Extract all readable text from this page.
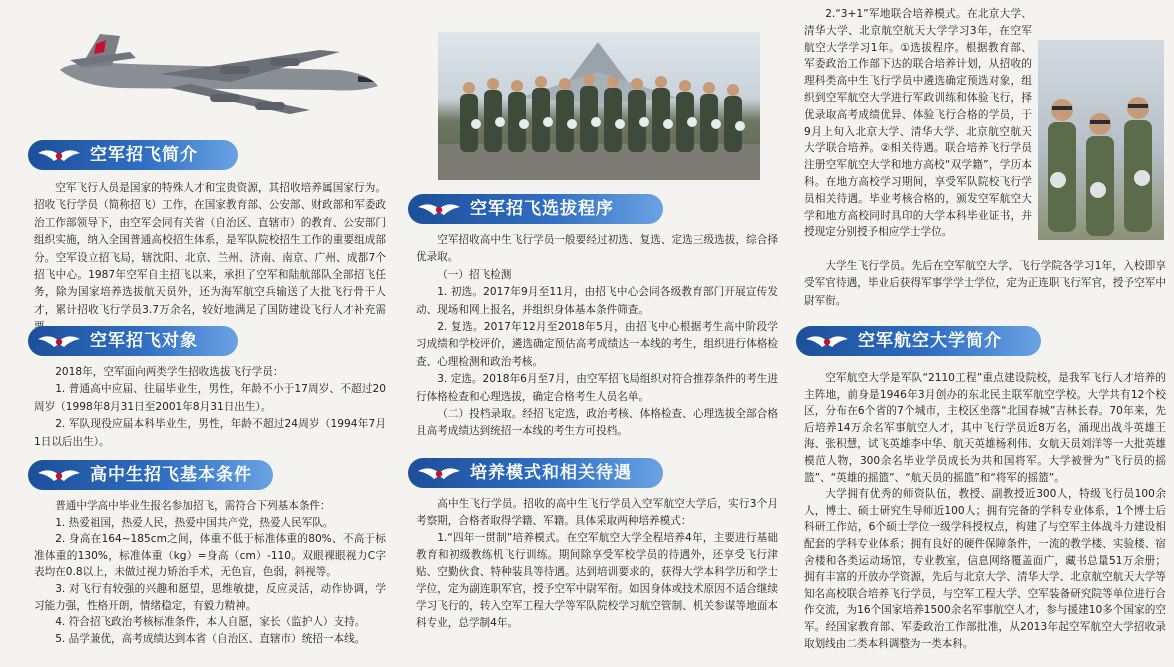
空军招飞简介

空军飞行人员是国家的特殊人才和宝贵资源，其招收培养属国家行为。招收飞行学员（简称招飞）工作，在国家教育部、公安部、财政部和军委政治工作部领导下，由空军会同有关省（自治区、直辖市）的教育、公安部门组织实施，纳入全国普通高校招生体系，是军队院校招生工作的重要组成部分。空军设立招飞局，辖沈阳、北京、兰州、济南、南京、广州、成都7个招飞中心。1987年空军自主招飞以来，承担了空军和陆航部队全部招飞任务，除为国家培养选拔航天员外，还为海军航空兵输送了大批飞行骨干人才，累计招收飞行学员3.7万余名，较好地满足了国防建设飞行人才补充需

空军招飞对象

2018年，空军面向两类学生招收选拔飞行学员：

1. 普通高中应届、往届毕业生，男性，年龄不小于17周岁、不超过20周岁（1998年8月31日至2001年8月31日出生）。

2. 军队现役应届本科毕业生，男性，年龄不超过24周岁（1994年7月1日以后出生）。

高中生招飞基本条件

普通中学高中毕业生报名参加招飞，需符合下列基本条件：

1. 热爱祖国，热爱人民，热爱中国共产党，热爱人民军队。

2. 身高在164~185cm之间，体重不低于标准体重的80%、不高于标准体重的130%，标准体重（kg）=身高（cm）-110。双眼裸眼视力C字表均在0.8以上，未做过视力矫治手术，无色盲，色弱，斜视等。

3. 对飞行有较强的兴趣和愿望，思维敏捷，反应灵活，动作协调，学习能力强，性格开朗，情绪稳定，有毅力精神。

4. 符合招飞政治考核标准条件，本人自愿，家长（监护人）支持。

5. 品学兼优，高考成绩达到本省（自治区、直辖市）统招一本线。

空军招飞选拔程序

空军招收高中生飞行学员一般要经过初选、复选、定选三级选拔，综合择优录取。

（一）招飞检测

1. 初选。2017年9月至11月，由招飞中心会同各级教育部门开展宣传发动、现场和网上报名，并组织身体基本条件筛查。

2. 复选。2017年12月至2018年5月，由招飞中心根据考生高中阶段学习成绩和学校评价，遴选确定预估高考成绩达一本线的考生，组织进行体格检查、心理检测和政治考核。

3. 定选。2018年6月至7月，由空军招飞局组织对符合推荐条件的考生进行体格检查和心理选拔，确定合格考生人员名单。

（二）投档录取。经招飞定选，政治考核、体格检查、心理选拔全部合格且高考成绩达到统招一本线的考生方可投档。

培养模式和相关待遇

高中生飞行学员。招收的高中生飞行学员入空军航空大学后，实行3个月考察期，合格者取得学籍、军籍。具体采取两种培养模式：

1.“四年一贯制”培养模式。在空军航空大学全程培养4年，主要进行基础教育和初级教练机飞行训练。期间除享受军校学员的待遇外，还享受飞行津贴、空勤伙食、特种装具等待遇。达到培训要求的，获得大学本科学历和学士学位，定为副连职军官，授予空军中尉军衔。如因身体或技术原因不适合继续学习飞行的，转入空军工程大学等军队院校学习航空管制、机关参谋等地面本科专业，总学制4年。

2.“3+1”军地联合培养模式。在北京大学、清华大学、北京航空航天大学学习3年，在空军航空大学学习1年。①选拔程序。根据教育部、军委政治工作部下达的联合培养计划，从招收的理科类高中生飞行学员中遴选确定预选对象，组织到空军航空大学进行军政训练和体验飞行，择优录取高考成绩优异、体验飞行合格的学员，于9月上旬入北京大学、清华大学、北京航空航天大学联合培养。②相关待遇。联合培养飞行学员注册空军航空大学和地方高校“双学籍”，学历本科。在地方高校学习期间，享受军队院校飞行学员相关待遇。毕业考核合格的，颁发空军航空大学和地方高校同时具印的大学本科毕业证书，并授现定分别授予相应学士学位。

大学生飞行学员。先后在空军航空大学、飞行学院各学习1年，入校即享受军官待遇，毕业后获得军事学学士学位，定为正连职飞行军官，授予空军中尉军衔。

空军航空大学简介

空军航空大学是军队“2110工程”重点建设院校，是我军飞行人才培养的主阵地，前身是1946年3月创办的东北民主联军航空学校。大学共有12个校区，分布在6个省的7个城市，主校区坐落“北国春城”吉林长春。70年来，先后培养14万余名军事航空人才，其中飞行学员近8万名，涌现出战斗英雄王海、张积慧，试飞英雄李中华、航天英雄杨利伟、女航天员刘洋等一大批英雄模范人物，300余名毕业学员成长为共和国将军。大学被誉为“飞行员的摇篮”、“英雄的摇篮”、“航天员的摇篮”和“将军的摇篮”。

大学拥有优秀的师资队伍，教授、副教授近300人，特级飞行员100余人，博士、硕士研究生导师近100人；拥有完备的学科专业体系，1个博士后科研工作站，6个硕士学位一级学科授权点，构建了与空军主体战斗力建设相配套的学科专业体系；拥有良好的硬件保障条件，一流的教学楼、实验楼、宿舍楼和各类运动场馆，专业教室，信息网络覆盖面广，藏书总量51万余册；拥有丰富的开放办学资源，先后与北京大学、清华大学、北京航空航天大学等知名高校联合培养飞行学员，与空军工程大学、空军装备研究院等单位进行合作交流，为16个国家培养1500余名军事航空人才，参与援建10多个国家的空军。经国家教育部、军委政治工作部批准，从2013年起空军航空大学招收录取划线由二类本科调整为一类本科。
